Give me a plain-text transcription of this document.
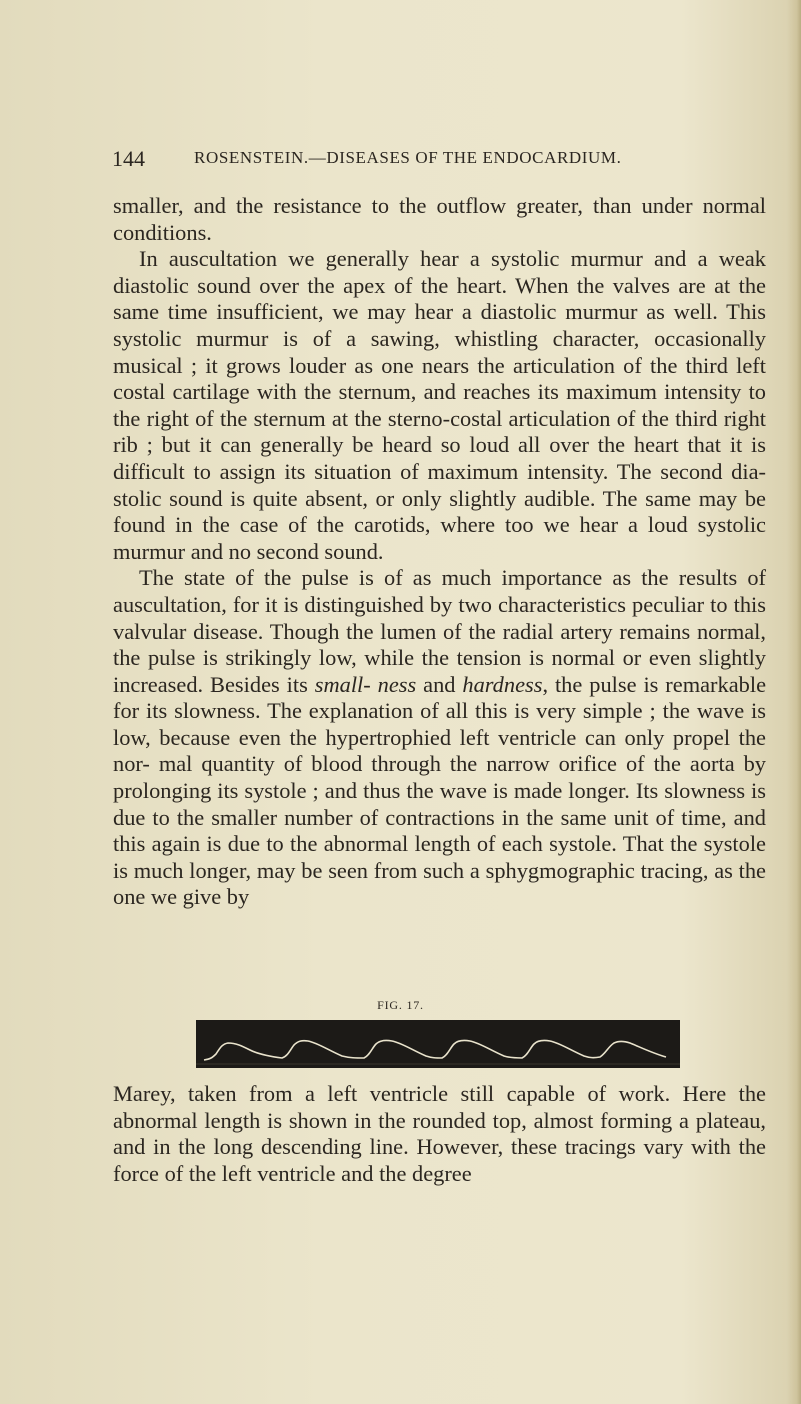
144	ROSENSTEIN.—DISEASES OF THE ENDOCARDIUM.

smaller, and the resistance to the outflow greater, than under normal conditions.

In auscultation we generally hear a systolic murmur and a weak diastolic sound over the apex of the heart. When the valves are at the same time insufficient, we may hear a diastolic murmur as well. This systolic murmur is of a sawing, whistling character, occasionally musical ; it grows louder as one nears the articulation of the third left costal cartilage with the sternum, and reaches its maximum intensity to the right of the sternum at the sterno-costal articulation of the third right rib ; but it can generally be heard so loud all over the heart that it is difficult to assign its situation of maximum intensity. The second dia- stolic sound is quite absent, or only slightly audible. The same may be found in the case of the carotids, where too we hear a loud systolic murmur and no second sound.

The state of the pulse is of as much importance as the results of auscultation, for it is distinguished by two characteristics peculiar to this valvular disease. Though the lumen of the radial artery remains normal, the pulse is strikingly low, while the tension is normal or even slightly increased. Besides its small- ness and hardness, the pulse is remarkable for its slowness. The explanation of all this is very simple ; the wave is low, because even the hypertrophied left ventricle can only propel the nor- mal quantity of blood through the narrow orifice of the aorta by prolonging its systole ; and thus the wave is made longer. Its slowness is due to the smaller number of contractions in the same unit of time, and this again is due to the abnormal length of each systole. That the systole is much longer, may be seen from such a sphygmographic tracing, as the one we give by

FIG. 17.

Marey, taken from a left ventricle still capable of work. Here the abnormal length is shown in the rounded top, almost forming a plateau, and in the long descending line. However, these tracings vary with the force of the left ventricle and the degree
